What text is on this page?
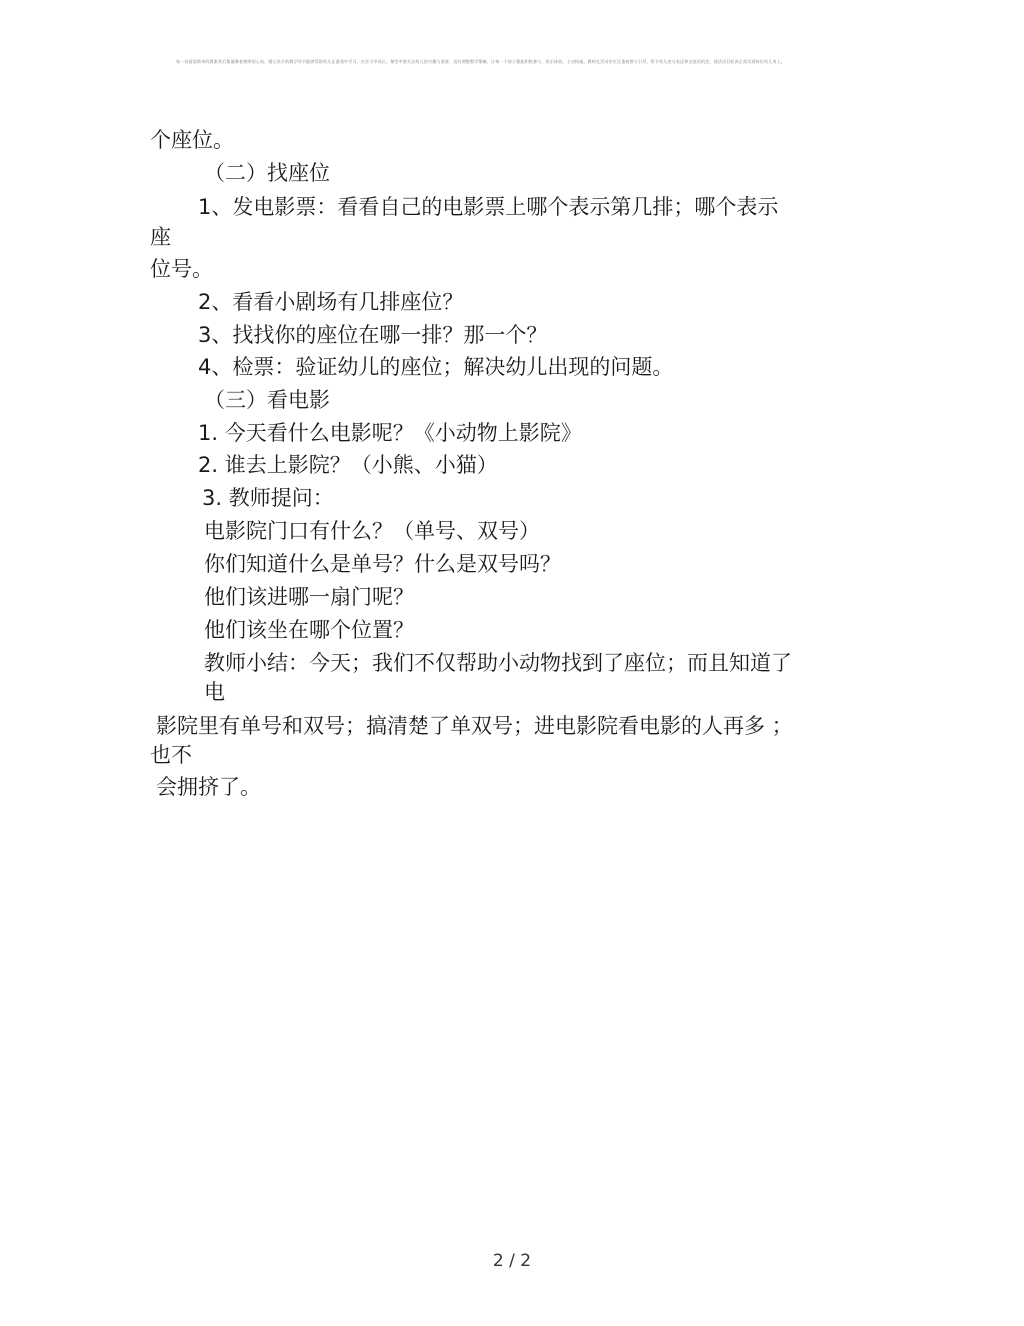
每一份看似简单的教案背后都凝聚着教师的心血，精心设计的教学环节能够帮助幼儿在游戏中学习，在学习中成长。课堂中要关注幼儿的兴趣与需要，及时调整教学策略，让每一个孩子都能积极参与、快乐体验、主动探索。教师在活动中应注重观察与引导，给予幼儿充分表达和交流的机会，使活动目标真正落实到每位幼儿身上。
个座位。
（二）找座位
1、发电影票：看看自己的电影票上哪个表示第几排；哪个表示
座
位号。
2、看看小剧场有几排座位？
3、找找你的座位在哪一排？那一个？
4、检票：验证幼儿的座位；解决幼儿出现的问题。
（三）看电影
1. 今天看什么电影呢？《小动物上影院》
2. 谁去上影院？（小熊、小猫）
3. 教师提问：
电影院门口有什么？（单号、双号）
你们知道什么是单号？什么是双号吗？
他们该进哪一扇门呢？
他们该坐在哪个位置？
教师小结：今天；我们不仅帮助小动物找到了座位；而且知道了
电
影院里有单号和双号；搞清楚了单双号；进电影院看电影的人再多 ；
也不
会拥挤了。
2 / 2
